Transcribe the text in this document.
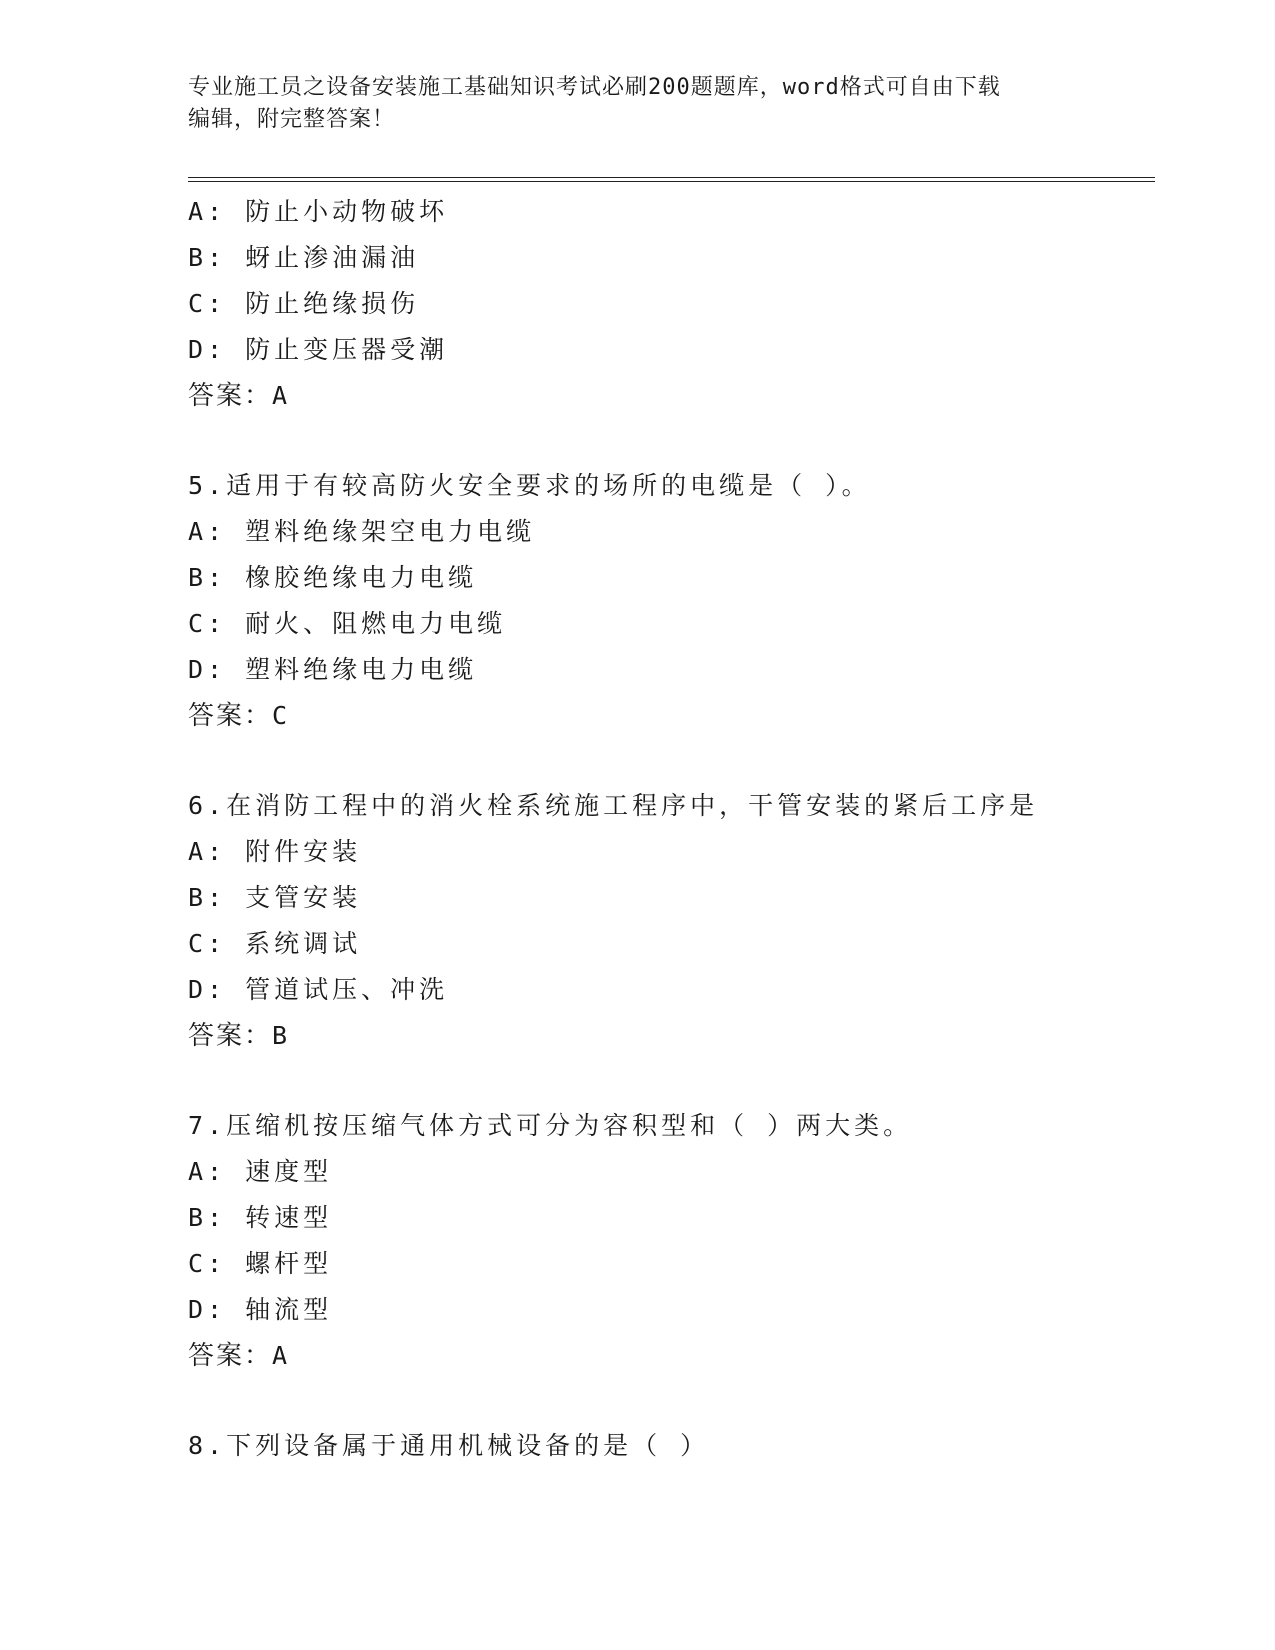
专业施工员之设备安装施工基础知识考试必刷200题题库，word格式可自由下载
编辑，附完整答案！
A: 防止小动物破坏
B: 蚜止渗油漏油
C: 防止绝缘损伤
D: 防止变压器受潮
答案：A
5.适用于有较高防火安全要求的场所的电缆是（ ）。
A: 塑料绝缘架空电力电缆
B: 橡胶绝缘电力电缆
C: 耐火、阻燃电力电缆
D: 塑料绝缘电力电缆
答案：C
6.在消防工程中的消火栓系统施工程序中，干管安装的紧后工序是
A: 附件安装
B: 支管安装
C: 系统调试
D: 管道试压、冲洗
答案：B
7.压缩机按压缩气体方式可分为容积型和（ ）两大类。
A: 速度型
B: 转速型
C: 螺杆型
D: 轴流型
答案：A
8.下列设备属于通用机械设备的是（ ）
